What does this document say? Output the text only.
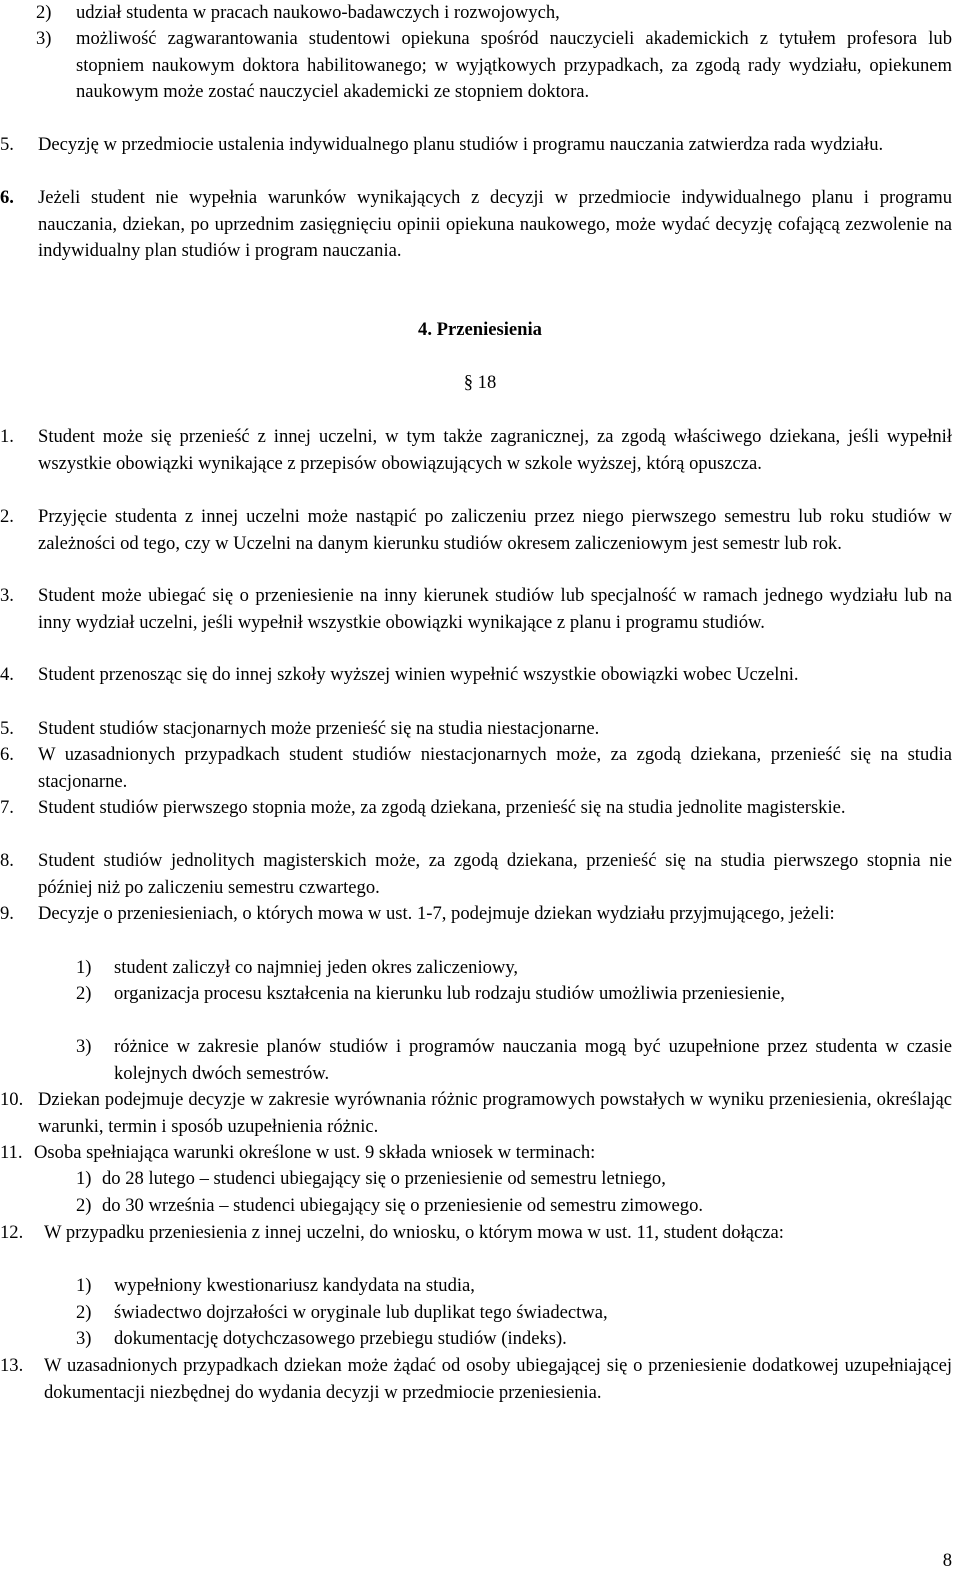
2)	udział studenta w pracach naukowo-badawczych i rozwojowych,
3)	możliwość zagwarantowania studentowi opiekuna spośród nauczycieli akademickich z tytułem profesora lub stopniem naukowym doktora habilitowanego; w wyjątkowych przypadkach, za zgodą rady wydziału, opiekunem naukowym może zostać nauczyciel akademicki ze stopniem doktora.
5.	Decyzję w przedmiocie ustalenia indywidualnego planu studiów i programu nauczania zatwierdza rada wydziału.
6.	Jeżeli student nie wypełnia warunków wynikających z decyzji w przedmiocie indywidualnego planu i programu nauczania, dziekan, po uprzednim zasięgnięciu opinii opiekuna naukowego, może wydać decyzję cofającą zezwolenie na indywidualny plan studiów i program nauczania.
4. Przeniesienia
§ 18
1.	Student może się przenieść z innej uczelni, w tym także zagranicznej, za zgodą właściwego dziekana, jeśli wypełnił wszystkie obowiązki wynikające z przepisów obowiązujących w szkole wyższej, którą opuszcza.
2.	Przyjęcie studenta z innej uczelni może nastąpić po zaliczeniu przez niego pierwszego semestru lub roku studiów w zależności od tego, czy w Uczelni na danym kierunku studiów okresem zaliczeniowym jest semestr lub rok.
3.	Student może ubiegać się o przeniesienie na inny kierunek studiów lub specjalność w ramach jednego wydziału lub na inny wydział uczelni, jeśli wypełnił wszystkie obowiązki wynikające z planu i programu studiów.
4.	Student przenosząc się do innej szkoły wyższej winien wypełnić wszystkie obowiązki wobec Uczelni.
5.	Student studiów stacjonarnych może przenieść się na studia niestacjonarne.
6.	W uzasadnionych przypadkach student studiów niestacjonarnych może, za zgodą dziekana, przenieść się na studia stacjonarne.
7.	Student studiów pierwszego stopnia może, za zgodą dziekana, przenieść się na studia jednolite magisterskie.
8.	Student studiów jednolitych magisterskich może, za zgodą dziekana, przenieść się na studia pierwszego stopnia nie później niż po zaliczeniu semestru czwartego.
9.	Decyzje o przeniesieniach, o których mowa w ust. 1-7, podejmuje dziekan wydziału przyjmującego, jeżeli:
1)	student zaliczył co najmniej jeden okres zaliczeniowy,
2)	organizacja procesu kształcenia na kierunku lub rodzaju studiów umożliwia przeniesienie,
3)	różnice w zakresie planów studiów i programów nauczania mogą być uzupełnione przez studenta w czasie kolejnych dwóch semestrów.
10. Dziekan podejmuje decyzje w zakresie wyrównania różnic programowych powstałych w wyniku przeniesienia, określając warunki, termin i sposób uzupełnienia różnic.
11. Osoba spełniająca warunki określone w ust. 9 składa wniosek w terminach:
1) do 28 lutego – studenci ubiegający się o przeniesienie od semestru letniego,
2) do 30 września – studenci ubiegający się o przeniesienie od semestru zimowego.
12.	W przypadku przeniesienia z innej uczelni, do wniosku, o którym mowa w ust. 11, student dołącza:
1)	wypełniony kwestionariusz kandydata na studia,
2)	świadectwo dojrzałości w oryginale lub duplikat tego świadectwa,
3)	dokumentację dotychczasowego przebiegu studiów (indeks).
13.	W uzasadnionych przypadkach dziekan może żądać od osoby ubiegającej się o przeniesienie dodatkowej uzupełniającej dokumentacji niezbędnej do wydania decyzji w przedmiocie przeniesienia.
8
